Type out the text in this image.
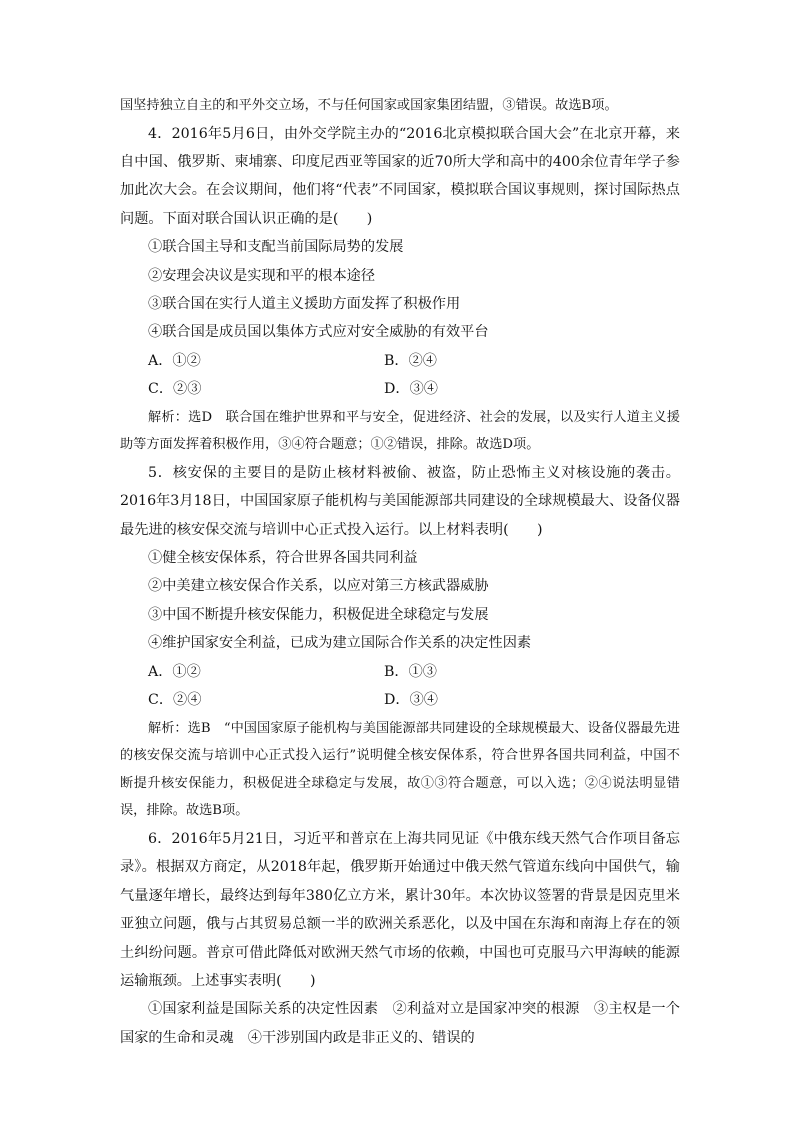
国坚持独立自主的和平外交立场，不与任何国家或国家集团结盟，③错误。故选B项。

4．2016年5月6日，由外交学院主办的“2016北京模拟联合国大会”在北京开幕，来自中国、俄罗斯、柬埔寨、印度尼西亚等国家的近70所大学和高中的400余位青年学子参加此次大会。在会议期间，他们将“代表”不同国家，模拟联合国议事规则，探讨国际热点问题。下面对联合国认识正确的是(　　)

①联合国主导和支配当前国际局势的发展

②安理会决议是实现和平的根本途径

③联合国在实行人道主义援助方面发挥了积极作用

④联合国是成员国以集体方式应对安全威胁的有效平台

A．①②	B．②④
C．②③	D．③④

解析：选D　联合国在维护世界和平与安全，促进经济、社会的发展，以及实行人道主义援助等方面发挥着积极作用，③④符合题意；①②错误，排除。故选D项。

5．核安保的主要目的是防止核材料被偷、被盗，防止恐怖主义对核设施的袭击。2016年3月18日，中国国家原子能机构与美国能源部共同建设的全球规模最大、设备仪器最先进的核安保交流与培训中心正式投入运行。以上材料表明(　　)

①健全核安保体系，符合世界各国共同利益

②中美建立核安保合作关系，以应对第三方核武器威胁

③中国不断提升核安保能力，积极促进全球稳定与发展

④维护国家安全利益，已成为建立国际合作关系的决定性因素

A．①②	B．①③
C．②④	D．③④

解析：选B　“中国国家原子能机构与美国能源部共同建设的全球规模最大、设备仪器最先进的核安保交流与培训中心正式投入运行”说明健全核安保体系，符合世界各国共同利益，中国不断提升核安保能力，积极促进全球稳定与发展，故①③符合题意，可以入选；②④说法明显错误，排除。故选B项。

6．2016年5月21日，习近平和普京在上海共同见证《中俄东线天然气合作项目备忘录》。根据双方商定，从2018年起，俄罗斯开始通过中俄天然气管道东线向中国供气，输气量逐年增长，最终达到每年380亿立方米，累计30年。本次协议签署的背景是因克里米亚独立问题，俄与占其贸易总额一半的欧洲关系恶化，以及中国在东海和南海上存在的领土纠纷问题。普京可借此降低对欧洲天然气市场的依赖，中国也可克服马六甲海峡的能源运输瓶颈。上述事实表明(　　)

①国家利益是国际关系的决定性因素　②利益对立是国家冲突的根源　③主权是一个国家的生命和灵魂　④干涉别国内政是非正义的、错误的
